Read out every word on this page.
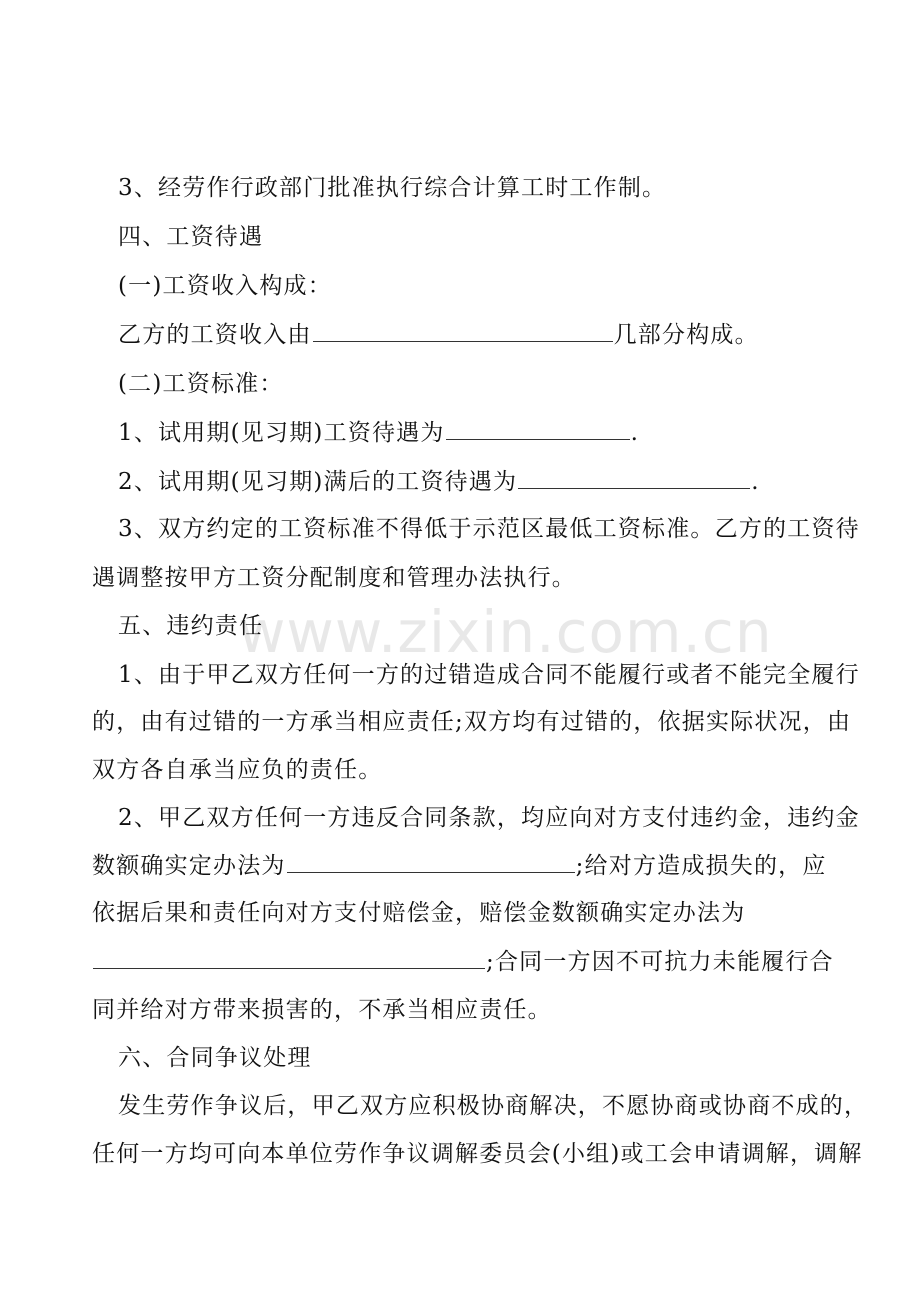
www.zixin.com.cn
3、经劳作行政部门批准执行综合计算工时工作制。
四、工资待遇
(一)工资收入构成：
乙方的工资收入由	几部分构成。
(二)工资标准：
1、试用期(见习期)工资待遇为	.
2、试用期(见习期)满后的工资待遇为	.
3、双方约定的工资标准不得低于示范区最低工资标准。乙方的工资待
遇调整按甲方工资分配制度和管理办法执行。
五、违约责任
1、由于甲乙双方任何一方的过错造成合同不能履行或者不能完全履行
的，由有过错的一方承当相应责任;双方均有过错的，依据实际状况，由
双方各自承当应负的责任。
2、甲乙双方任何一方违反合同条款，均应向对方支付违约金，违约金
数额确实定办法为	;给对方造成损失的，应
依据后果和责任向对方支付赔偿金，赔偿金数额确实定办法为
;合同一方因不可抗力未能履行合
同并给对方带来损害的，不承当相应责任。
六、合同争议处理
发生劳作争议后，甲乙双方应积极协商解决，不愿协商或协商不成的，
任何一方均可向本单位劳作争议调解委员会(小组)或工会申请调解，调解
